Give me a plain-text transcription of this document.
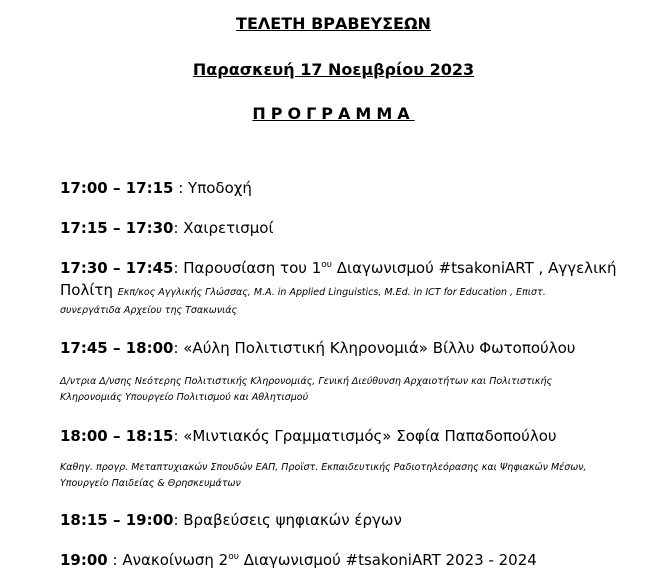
ΤΕΛΕΤΗ ΒΡΑΒΕΥΣΕΩΝ
Παρασκευή 17 Νοεμβρίου 2023
ΠΡΟΓΡΑΜΜΑ
17:00 – 17:15 : Υποδοχή
17:15 – 17:30: Χαιρετισμοί
17:30 – 17:45: Παρουσίαση του $1^{o\upsilon}$ Διαγωνισμού #tsakoniART , Αγγελική
Πολίτη Εκπ/κος Αγγλικής Γλώσσας, M.A. in Applied Linguistics, M.Ed. in ICT for Education , Επιστ.
συνεργάτιδα Αρχείου της Τσακωνιάς
17:45 – 18:00: «Αύλη Πολιτιστική Κληρονομιά» Βίλλυ Φωτοπούλου
Δ/ντρια Δ/νσης Νεότερης Πολιτιστικής Κληρονομιάς, Γενική Διεύθυνση Αρχαιοτήτων και Πολιτιστικής
Κληρονομιάς Υπουργείο Πολιτισμού και Αθλητισμού
18:00 – 18:15: «Μιντιακός Γραμματισμός» Σοφία Παπαδοπούλου
Καθηγ. προγρ. Μεταπτυχιακών Σπουδών ΕΑΠ, Προϊστ. Εκπαιδευτικής Ραδιοτηλεόρασης και Ψηφιακών Μέσων,
Υπουργείο Παιδείας & Θρησκευμάτων
18:15 – 19:00: Βραβεύσεις ψηφιακών έργων
19:00 : Ανακοίνωση $2^{o\upsilon}$ Διαγωνισμού #tsakoniART 2023 - 2024
